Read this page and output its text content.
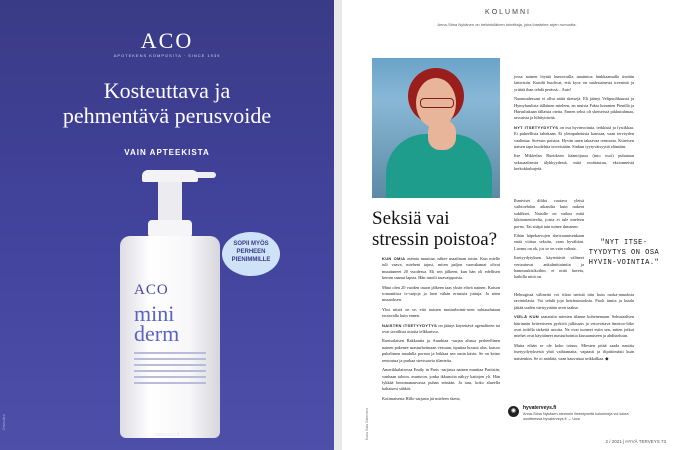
ACO
APOTEKENS KOMPOSITA · SINCE 1939
Kosteuttava ja
pehmentävä perusvoide
VAIN APTEEKISTA
ACO
mini
derm
SOPII MYÖS PERHEEN PIENIMMILLE
www.aco.fi
Orion-Aco
KOLUMNI
Anna-Stina Nykänen on helsinkiläinen toimittaja, joka ihastelee arjen rumuutta.
Seksiä vai stressin poistoa?
Kuva Satu Salminen

KUN OMIA asemia muuttaa, näkee maailman toisin. Kun mielle tuli vaava, mieheni tajusi, miten paljon vaavakamat olivat muuttuneet 20 vuodessa. Eli sen jälkeen, kun hän oli edellisen kerran saanut lapsia. Hän intoili taravaippoista.

Minä olen 20 vuoden tauon jälkeen taas yksin elävä nainen. Katson romantiisia tv-sarjoja ja luen vähän eriasisia juttuja. Ja näen muutoksen.

Yksi niistä on se, että naisten masturbointi-seen suhtaudutaan erotavalla kuin ennen.

NAISTEN ITSETYYDYTYS on jäänyt käytettävä agenaltteen tai ovat tavallisia asioita telkkarissa.

Ruotsalaisen Rakkautta ja Anarkiaa -sarjan alussa perheellinen nainen pakenee masturboimaan vessaan, tiputtaa housut alas, katsoo puhelimen naudulla pornoa ja leikkaa sen omin käsin. Se on keino rentoutua ja purkaa stressaavia tilanteita.

Amerikkalaisessa Emily in Paris -sarjassa nainen muuttaa Pariisiin, vanhaan taloon, asuntoon, jonka ikkunoita näkyy kattojen yli. Hän lykkää henomanauvassa puhan seinään. Ja taas, koko alueella kaltaisesi sähköt.

Kotimaisesta Hillo-sarjasta jäi mieleen sketsi,

jossa nainen löytää kuntovailla nautintoa hinkkaamalla itseään laitteisiin. Kundit huolivat, että kyse on saalestaisesta treenistä ja yrittää ihan tehdä perässä... Auts!

Naonuudessani ei ollut näitä sketsejä. Eli jäänyt Velipuolikuusta ja Hymyhuulista tällainen mieleen, en muista Fakta hommen Pienillä ja Harsultakaan tällaista otetta. Ennen seksi oli sketseissä pikkutuhmaa, rasvaista ja hihityttävää.

NYT ITSETYYDYTYS on osa hyvinvointia, terkkistä ja fysiikkaa. Ei puheellista taltekaan. Ei yleinpuhetusta kanssaa, vaan terveyden vaalintaa. Stressin poistoa. Hyvän unen takaavaa rentoutta. Kiireisen naisen tapa huolehtia terveistään. Sinkun tyytyväisyyttä elämään.

Itse Miklrelan Ruotiksen kääntöjassa (into osoi) puhutaan seksuaalisesta älykkyydestä, mitä osoittautuu, eksionneistä kerkokkulsajetä.

Ihmiviset dildot ruotava yleisä vaihtoehdon aikanilta kuin nukeat suklikset. Naisille on vaikea mitä kikiiomeniteelta, joista ei tule mieleen porno. Tai sitäpä tain tuinee ihmanen.

Eihän häpekarvojen sheivaamisenkaan enää viittaa seksiin, vaan hyvältäni. Luomu on ok, jos se on vain valinta.

Itsetyydytyksen käytettävät välineet vertautuvat ankalmittaimiin ja hammaskisikoihin, ei niitä haveta, kaikilla niitä on.

"NYT ITSE-TYYDYTYS ON OSA HYVIN-VOINTIA."

Helmigissä välineitä voi tilata netistä niin kuin ruoka-annoksia ravintolasta. Voi tehdä joja heiräntostoksia. Puoli tuntia ja kuulu jättää uuden värisyyttään aven taakse.

VIELÄ KUN saataisiin miesten tilanne kohenemaan. Seksuaalisen häirinnän kriteeriseen pyrkivä julkisuus ja vetovoitava #metoo-liike ovat todella tärkeitä asioita. Ne ovat tuoneet esiin sen, miten jotkut miehet ovat käyttäneet masturbointia kiusaamiseen ja ahdisteluun.

Mutta eihän se ole koko totuus. Miesten pitää saada nauttia itsetyydytyksestä yhtä vaihtamatta, vapaasti ja ilipittömästi kuin naistenkin. Se oi mädätä, vaan kauvattaa seikkalkaa. ◆

◉	hyvaterveys.fi
Anna-Stina Nykäsen aiemmin ilmestyneitä kolumneja voi lukea osoitteessa hyvaterveys.fi → Uusi
2 / 2021 | HYVÄ TERVEYS 73
